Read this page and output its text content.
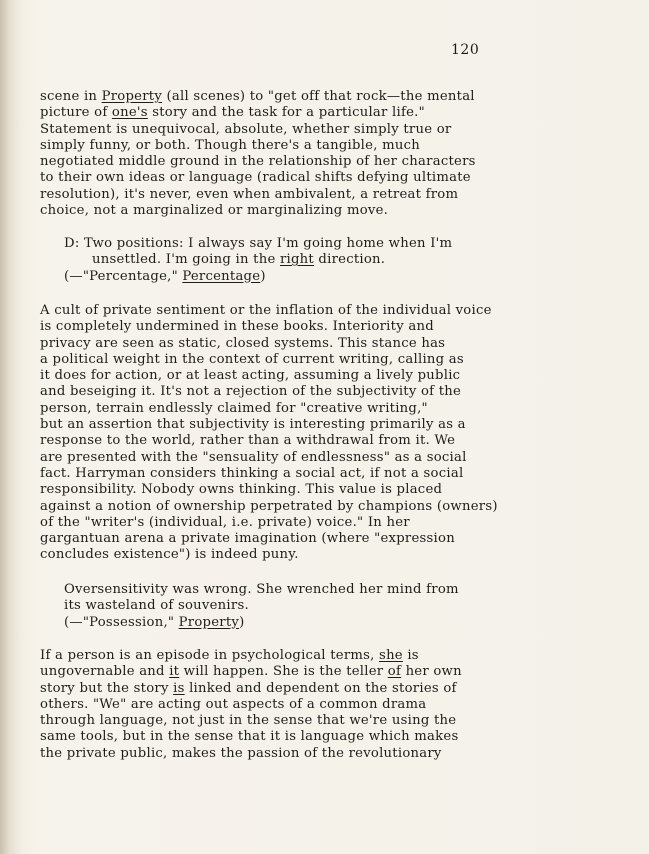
120
scene in Property (all scenes) to "get off that rock—the mental
picture of one's story and the task for a particular life."
Statement is unequivocal, absolute, whether simply true or
simply funny, or both. Though there's a tangible, much
negotiated middle ground in the relationship of her characters
to their own ideas or language (radical shifts defying ultimate
resolution), it's never, even when ambivalent, a retreat from
choice, not a marginalized or marginalizing move.
D: Two positions: I always say I'm going home when I'm
unsettled. I'm going in the right direction.
(—"Percentage," Percentage)
A cult of private sentiment or the inflation of the individual voice
is completely undermined in these books. Interiority and
privacy are seen as static, closed systems. This stance has
a political weight in the context of current writing, calling as
it does for action, or at least acting, assuming a lively public
and beseiging it. It's not a rejection of the subjectivity of the
person, terrain endlessly claimed for "creative writing,"
but an assertion that subjectivity is interesting primarily as a
response to the world, rather than a withdrawal from it. We
are presented with the "sensuality of endlessness" as a social
fact. Harryman considers thinking a social act, if not a social
responsibility. Nobody owns thinking. This value is placed
against a notion of ownership perpetrated by champions (owners)
of the "writer's (individual, i.e. private) voice." In her
gargantuan arena a private imagination (where "expression
concludes existence") is indeed puny.
Oversensitivity was wrong. She wrenched her mind from
its wasteland of souvenirs.
(—"Possession," Property)
If a person is an episode in psychological terms, she is
ungovernable and it will happen. She is the teller of her own
story but the story is linked and dependent on the stories of
others. "We" are acting out aspects of a common drama
through language, not just in the sense that we're using the
same tools, but in the sense that it is language which makes
the private public, makes the passion of the revolutionary
